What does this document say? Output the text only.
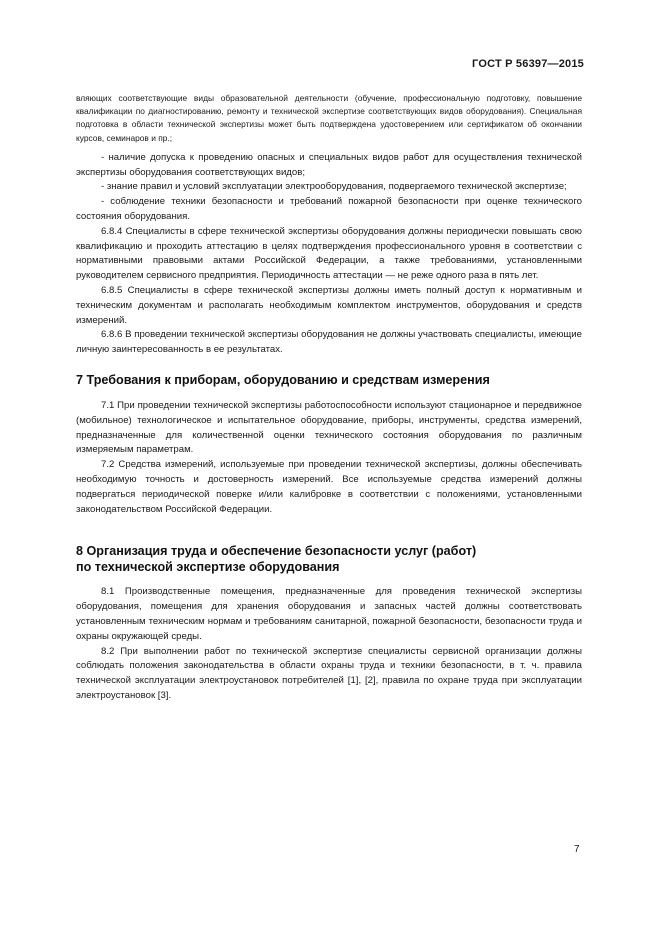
ГОСТ Р 56397—2015

вляющих соответствующие виды образовательной деятельности (обучение, профессиональную подготовку, повышение квалификации по диагностированию, ремонту и технической экспертизе соответствующих видов оборудования). Специальная подготовка в области технической экспертизы может быть подтверждена удостоверением или сертификатом об окончании курсов, семинаров и пр.;

- наличие допуска к проведению опасных и специальных видов работ для осуществления технической экспертизы оборудования соответствующих видов;

- знание правил и условий эксплуатации электрооборудования, подвергаемого технической экспертизе;

- соблюдение техники безопасности и требований пожарной безопасности при оценке технического состояния оборудования.

6.8.4 Специалисты в сфере технической экспертизы оборудования должны периодически повышать свою квалификацию и проходить аттестацию в целях подтверждения профессионального уровня в соответствии с нормативными правовыми актами Российской Федерации, а также требованиями, установленными руководителем сервисного предприятия. Периодичность аттестации — не реже одного раза в пять лет.

6.8.5 Специалисты в сфере технической экспертизы должны иметь полный доступ к нормативным и техническим документам и располагать необходимым комплектом инструментов, оборудования и средств измерений.

6.8.6 В проведении технической экспертизы оборудования не должны участвовать специалисты, имеющие личную заинтересованность в ее результатах.

7 Требования к приборам, оборудованию и средствам измерения

7.1 При проведении технической экспертизы работоспособности используют стационарное и передвижное (мобильное) технологическое и испытательное оборудование, приборы, инструменты, средства измерений, предназначенные для количественной оценки технического состояния оборудования по различным измеряемым параметрам.

7.2 Средства измерений, используемые при проведении технической экспертизы, должны обеспечивать необходимую точность и достоверность измерений. Все используемые средства измерений должны подвергаться периодической поверке и/или калибровке в соответствии с положениями, установленными законодательством Российской Федерации.

8 Организация труда и обеспечение безопасности услуг (работ)
по технической экспертизе оборудования

8.1 Производственные помещения, предназначенные для проведения технической экспертизы оборудования, помещения для хранения оборудования и запасных частей должны соответствовать установленным техническим нормам и требованиям санитарной, пожарной безопасности, безопасности труда и охраны окружающей среды.

8.2 При выполнении работ по технической экспертизе специалисты сервисной организации должны соблюдать положения законодательства в области охраны труда и техники безопасности, в т. ч. правила технической эксплуатации электроустановок потребителей [1], [2], правила по охране труда при эксплуатации электроустановок [3].

7
